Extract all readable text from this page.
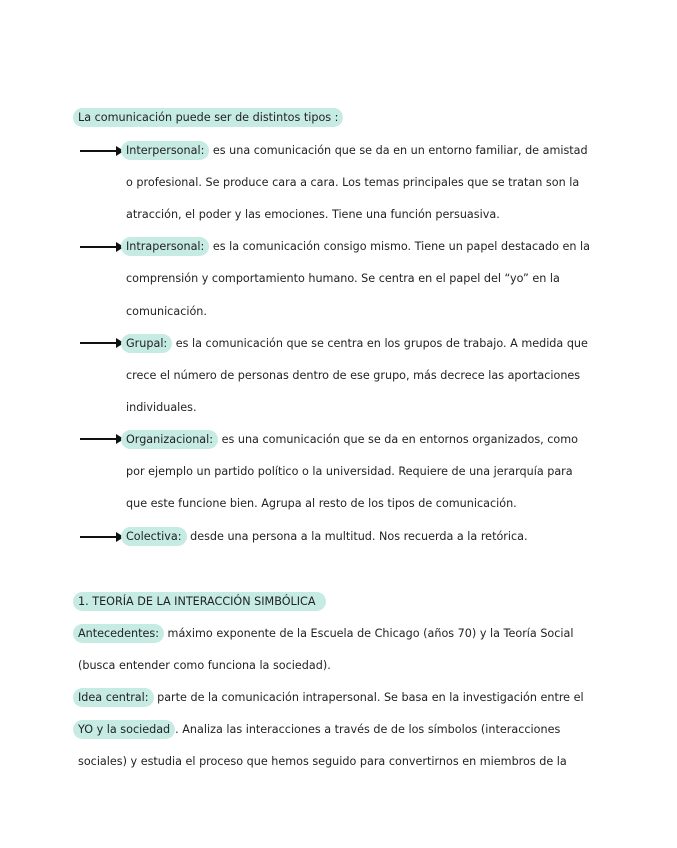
La comunicación puede ser de distintos tipos :
Interpersonal: es una comunicación que se da en un entorno familiar, de amistad
o profesional. Se produce cara a cara. Los temas principales que se tratan son la
atracción, el poder y las emociones. Tiene una función persuasiva.
Intrapersonal: es la comunicación consigo mismo. Tiene un papel destacado en la
comprensión y comportamiento humano. Se centra en el papel del “yo” en la
comunicación.
Grupal: es la comunicación que se centra en los grupos de trabajo. A medida que
crece el número de personas dentro de ese grupo, más decrece las aportaciones
individuales.
Organizacional: es una comunicación que se da en entornos organizados, como
por ejemplo un partido político o la universidad. Requiere de una jerarquía para
que este funcione bien. Agrupa al resto de los tipos de comunicación.
Colectiva: desde una persona a la multitud. Nos recuerda a la retórica.
1. TEORÍA DE LA INTERACCIÓN SIMBÓLICA
Antecedentes: máximo exponente de la Escuela de Chicago (años 70) y la Teoría Social
(busca entender como funciona la sociedad).
Idea central: parte de la comunicación intrapersonal. Se basa en la investigación entre el
YO y la sociedad . Analiza las interacciones a través de de los símbolos (interacciones
sociales) y estudia el proceso que hemos seguido para convertirnos en miembros de la
